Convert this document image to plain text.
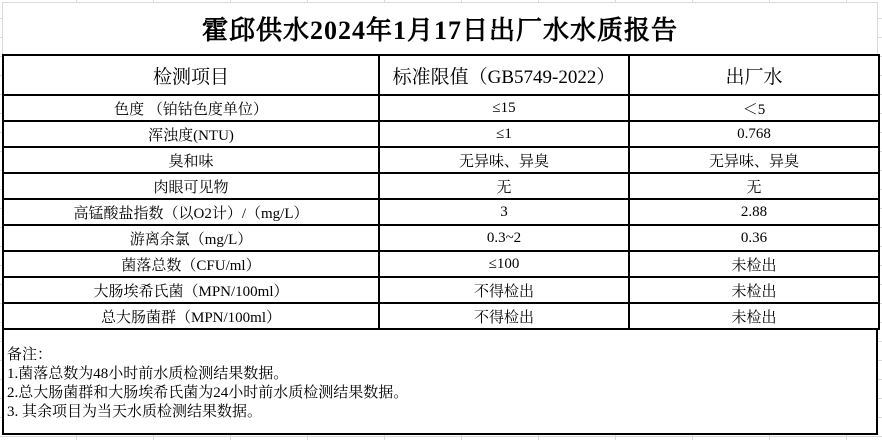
霍邱供水2024年1月17日出厂水水质报告
检测项目	标准限值（GB5749-2022）	出厂水
色度 （铂钴色度单位）	≤15	＜5
浑浊度(NTU)	≤1	0.768
臭和味	无异味、异臭	无异味、异臭
肉眼可见物	无	无
高锰酸盐指数（以O2计）/（mg/L）	3	2.88
游离余氯（mg/L）	0.3~2	0.36
菌落总数（CFU/ml）	≤100	未检出
大肠埃希氏菌（MPN/100ml）	不得检出	未检出
总大肠菌群（MPN/100ml）	不得检出	未检出
备注：
1.菌落总数为48小时前水质检测结果数据。
2.总大肠菌群和大肠埃希氏菌为24小时前水质检测结果数据。
3. 其余项目为当天水质检测结果数据。
